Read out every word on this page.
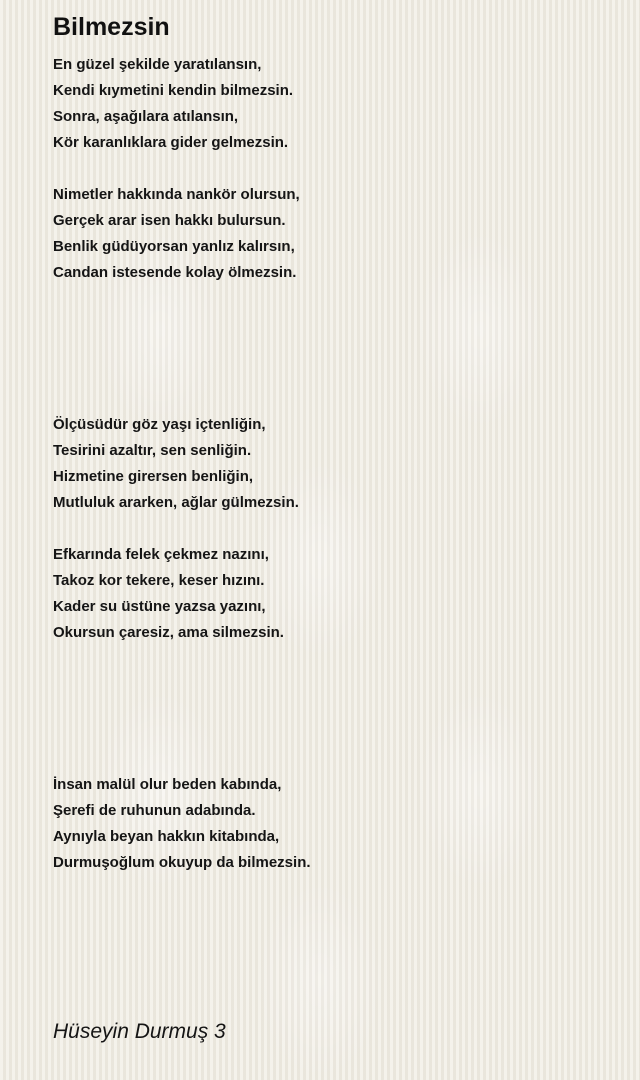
Bilmezsin
En güzel şekilde yaratılansın,
Kendi kıymetini kendin bilmezsin.
Sonra, aşağılara atılansın,
Kör karanlıklara gider gelmezsin.
Nimetler hakkında nankör olursun,
Gerçek arar isen hakkı bulursun.
Benlik güdüyorsan yanlız kalırsın,
Candan istesende kolay ölmezsin.
Ölçüsüdür göz yaşı içtenliğin,
Tesirini azaltır, sen senliğin.
Hizmetine girersen benliğin,
Mutluluk ararken, ağlar gülmezsin.
Efkarında felek çekmez nazını,
Takoz kor tekere, keser hızını.
Kader su üstüne yazsa yazını,
Okursun çaresiz, ama silmezsin.
İnsan malül olur beden kabında,
Şerefi de ruhunun adabında.
Aynıyla beyan hakkın kitabında,
Durmuşoğlum okuyup da bilmezsin.
Hüseyin Durmuş 3
